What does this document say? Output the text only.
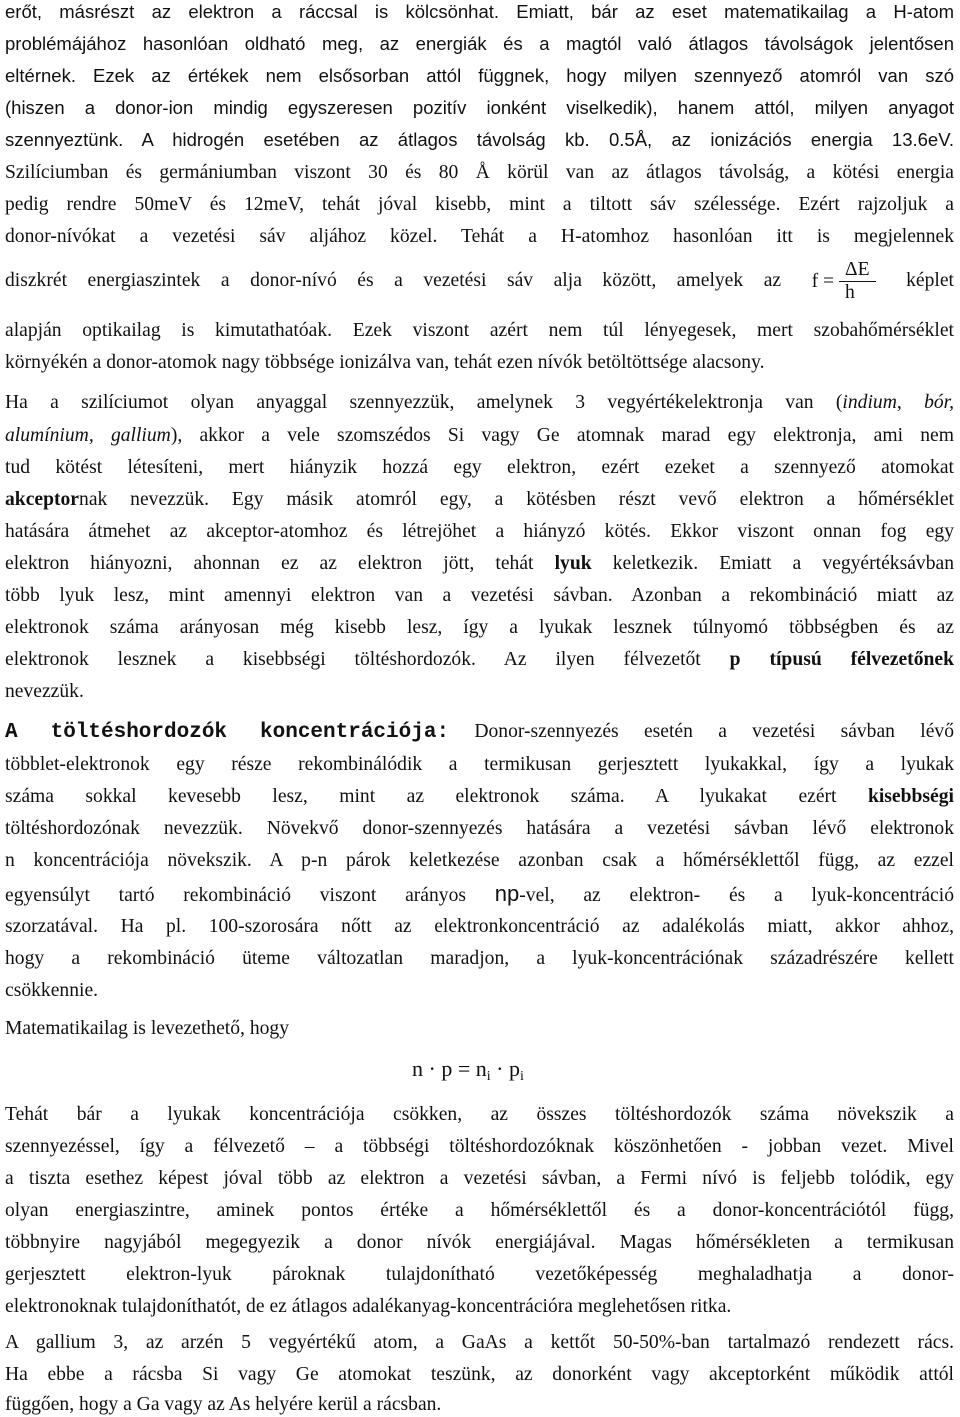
erőt, másrészt az elektron a ráccsal is kölcsönhat. Emiatt, bár az eset matematikailag a H-atom
problémájához hasonlóan oldható meg, az energiák és a magtól való átlagos távolságok jelentősen
eltérnek. Ezek az értékek nem elsősorban attól függnek, hogy milyen szennyező atomról van szó
(hiszen a donor-ion mindig egyszeresen pozitív ionként viselkedik), hanem attól, milyen anyagot
szennyeztünk. A hidrogén esetében az átlagos távolság kb. 0.5Å, az ionizációs energia 13.6eV.
Szilíciumban és germániumban viszont 30 és 80 Å körül van az átlagos távolság, a kötési energia
pedig rendre 50meV és 12meV, tehát jóval kisebb, mint a tiltott sáv szélessége. Ezért rajzoljuk a
donor-nívókat a vezetési sáv aljához közel. Tehát a H-atomhoz hasonlóan itt is megjelennek
diszkrét energiaszintek a donor-nívó és a vezetési sáv alja között, amelyek az $f = \frac{\Delta E}{h}$ képlet
alapján optikailag is kimutathatóak. Ezek viszont azért nem túl lényegesek, mert szobahőmérséklet
környékén a donor-atomok nagy többsége ionizálva van, tehát ezen nívók betöltöttsége alacsony.
Ha a szilíciumot olyan anyaggal szennyezzük, amelynek 3 vegyértékelektronja van (indium, bór,
alumínium, gallium), akkor a vele szomszédos Si vagy Ge atomnak marad egy elektronja, ami nem
tud kötést létesíteni, mert hiányzik hozzá egy elektron, ezért ezeket a szennyező atomokat
akceptornak nevezzük. Egy másik atomról egy, a kötésben részt vevő elektron a hőmérséklet
hatására átmehet az akceptor-atomhoz és létrejöhet a hiányzó kötés. Ekkor viszont onnan fog egy
elektron hiányozni, ahonnan ez az elektron jött, tehát lyuk keletkezik. Emiatt a vegyértéksávban
több lyuk lesz, mint amennyi elektron van a vezetési sávban. Azonban a rekombináció miatt az
elektronok száma arányosan még kisebb lesz, így a lyukak lesznek túlnyomó többségben és az
elektronok lesznek a kisebbségi töltéshordozók. Az ilyen félvezetőt p típusú félvezetőnek
nevezzük.
A töltéshordozók koncentrációja: Donor-szennyezés esetén a vezetési sávban lévő
többlet-elektronok egy része rekombinálódik a termikusan gerjesztett lyukakkal, így a lyukak
száma sokkal kevesebb lesz, mint az elektronok száma. A lyukakat ezért kisebbségi
töltéshordozónak nevezzük. Növekvő donor-szennyezés hatására a vezetési sávban lévő elektronok
n koncentrációja növekszik. A p-n párok keletkezése azonban csak a hőmérséklettől függ, az ezzel
egyensúlyt tartó rekombináció viszont arányos np-vel, az elektron- és a lyuk-koncentráció
szorzatával. Ha pl. 100-szorosára nőtt az elektronkoncentráció az adalékolás miatt, akkor ahhoz,
hogy a rekombináció üteme változatlan maradjon, a lyuk-koncentrációnak századrészére kellett
csökkennie.
Matematikailag is levezethető, hogy
$n \cdot p = n_i \cdot p_i$
Tehát bár a lyukak koncentrációja csökken, az összes töltéshordozók száma növekszik a
szennyezéssel, így a félvezető – a többségi töltéshordozóknak köszönhetően - jobban vezet. Mivel
a tiszta esethez képest jóval több az elektron a vezetési sávban, a Fermi nívó is feljebb tolódik, egy
olyan energiaszintre, aminek pontos értéke a hőmérséklettől és a donor-koncentrációtól függ,
többnyire nagyjából megegyezik a donor nívók energiájával. Magas hőmérsékleten a termikusan
gerjesztett elektron-lyuk pároknak tulajdonítható vezetőképesség meghaladhatja a donor-
elektronoknak tulajdoníthatót, de ez átlagos adalékanyag-koncentrációra meglehetősen ritka.
A gallium 3, az arzén 5 vegyértékű atom, a GaAs a kettőt 50-50%-ban tartalmazó rendezett rács.
Ha ebbe a rácsba Si vagy Ge atomokat teszünk, az donorként vagy akceptorként működik attól
függően, hogy a Ga vagy az As helyére kerül a rácsban.
